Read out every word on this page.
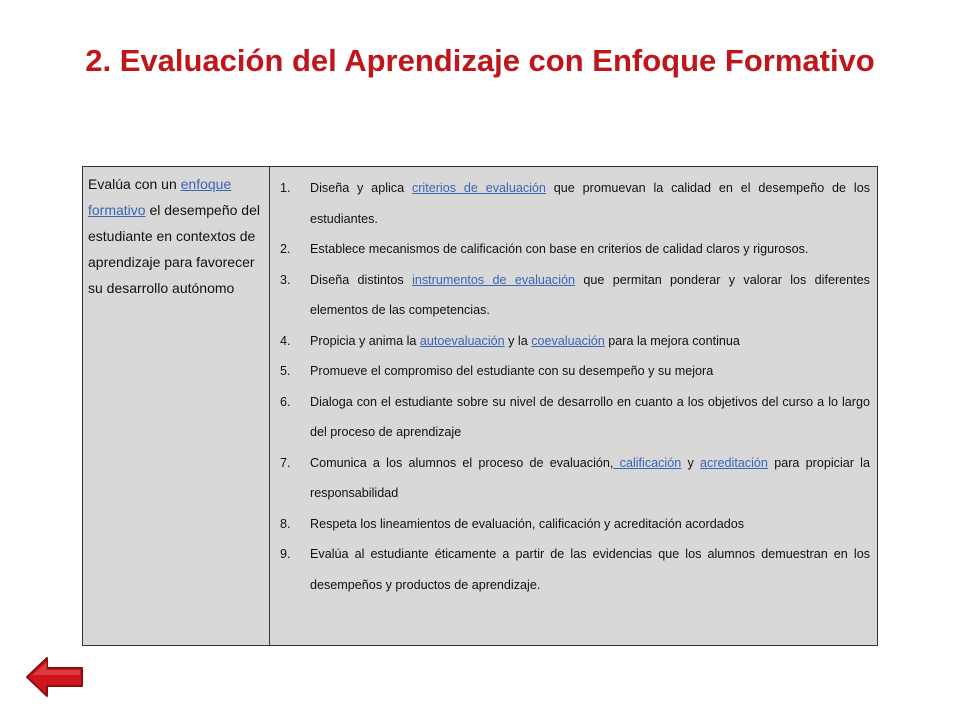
2. Evaluación del Aprendizaje con Enfoque Formativo
Evalúa con un enfoque formativo el desempeño del estudiante en contextos de aprendizaje para favorecer su desarrollo autónomo
1.	Diseña y aplica criterios de evaluación que promuevan la calidad en el desempeño de los estudiantes.
2.	Establece mecanismos de calificación con base en criterios de calidad claros y rigurosos.
3.	Diseña distintos instrumentos de evaluación que permitan ponderar y valorar los diferentes elementos de las competencias.
4.	Propicia y anima la autoevaluación y la coevaluación para la mejora continua
5.	Promueve el compromiso del estudiante con su desempeño y su mejora
6.	Dialoga con el estudiante sobre su nivel de desarrollo en cuanto a los objetivos del curso a lo largo del proceso de aprendizaje
7.	Comunica a los alumnos el proceso de evaluación, calificación y acreditación para propiciar la responsabilidad
8.	Respeta los lineamientos de evaluación, calificación y acreditación acordados
9.	Evalúa al estudiante éticamente a partir de las evidencias que los alumnos demuestran en los desempeños y productos de aprendizaje.
